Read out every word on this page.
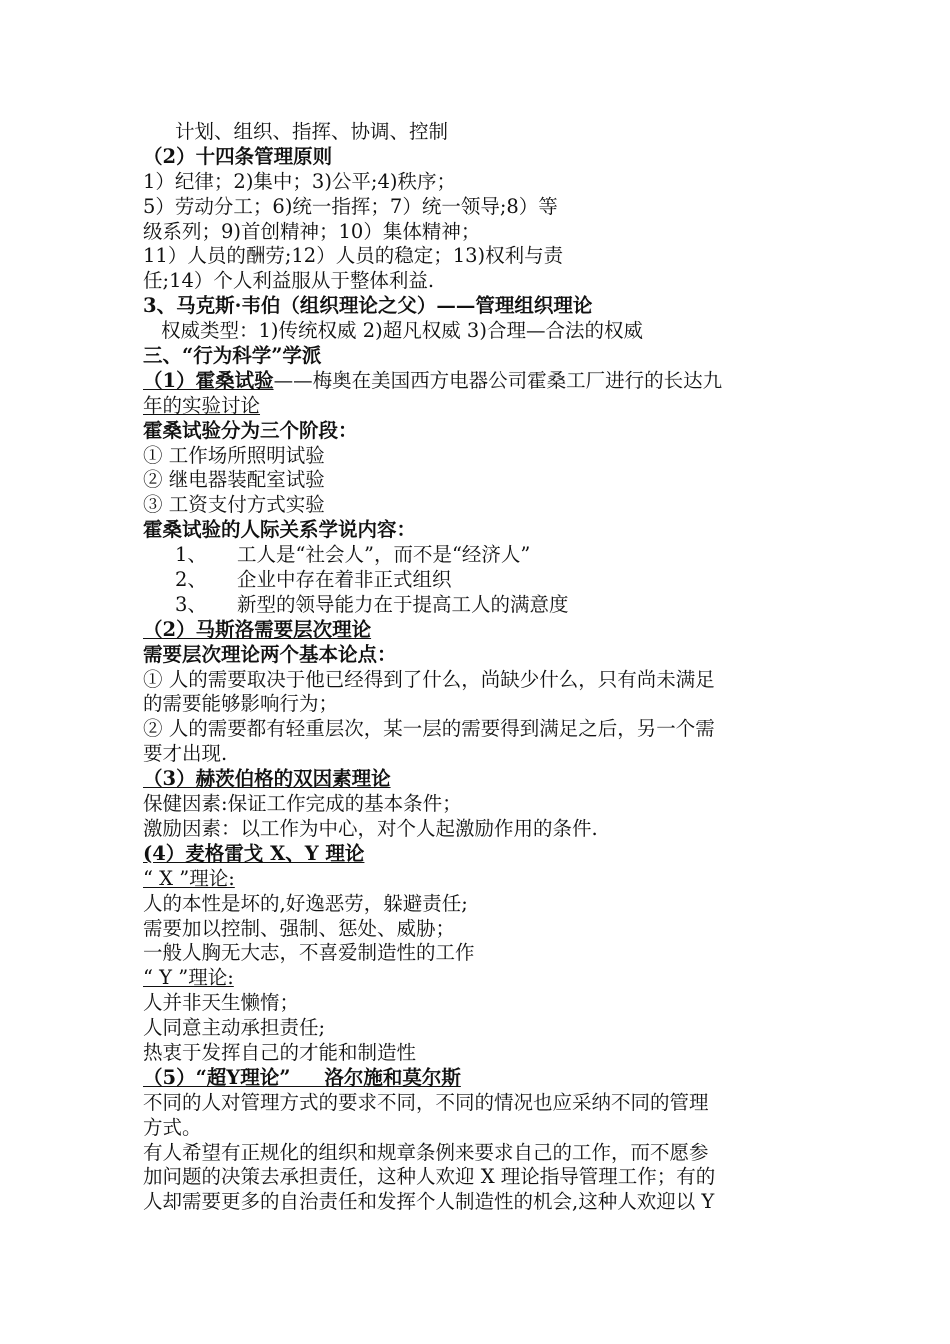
计划、组织、指挥、协调、控制
（2）十四条管理原则
1）纪律；2)集中；3)公平;4)秩序；
5）劳动分工；6)统一指挥；7）统一领导;8）等
级系列；9)首创精神；10）集体精神；
11）人员的酬劳;12）人员的稳定；13)权利与责
任;14）个人利益服从于整体利益.
3、马克斯·韦伯（组织理论之父）——管理组织理论
权威类型：1)传统权威 2)超凡权威 3)合理—合法的权威
三、“行为科学”学派
（1）霍桑试验——梅奥在美国西方电器公司霍桑工厂进行的长达九
年的实验讨论
霍桑试验分为三个阶段：
① 工作场所照明试验
② 继电器装配室试验
③ 工资支付方式实验
霍桑试验的人际关系学说内容：
1、	工人是“社会人”，而不是“经济人”
2、	企业中存在着非正式组织
3、	新型的领导能力在于提高工人的满意度
（2）马斯洛需要层次理论
需要层次理论两个基本论点：
① 人的需要取决于他已经得到了什么，尚缺少什么，只有尚未满足
的需要能够影响行为；
② 人的需要都有轻重层次，某一层的需要得到满足之后，另一个需
要才出现.
（3）赫茨伯格的双因素理论
保健因素:保证工作完成的基本条件；
激励因素：以工作为中心，对个人起激励作用的条件.
(4）麦格雷戈 X、Y 理论
“ X ”理论:
人的本性是坏的,好逸恶劳，躲避责任;
需要加以控制、强制、惩处、威胁；
一般人胸无大志，不喜爱制造性的工作
“ Y ”理论:
人并非天生懒惰；
人同意主动承担责任;
热衷于发挥自己的才能和制造性
（5）“超Y理论”     洛尔施和莫尔斯
不同的人对管理方式的要求不同，不同的情况也应采纳不同的管理
方式。
有人希望有正规化的组织和规章条例来要求自己的工作，而不愿参
加问题的决策去承担责任，这种人欢迎 X 理论指导管理工作；有的
人却需要更多的自治责任和发挥个人制造性的机会,这种人欢迎以 Y
